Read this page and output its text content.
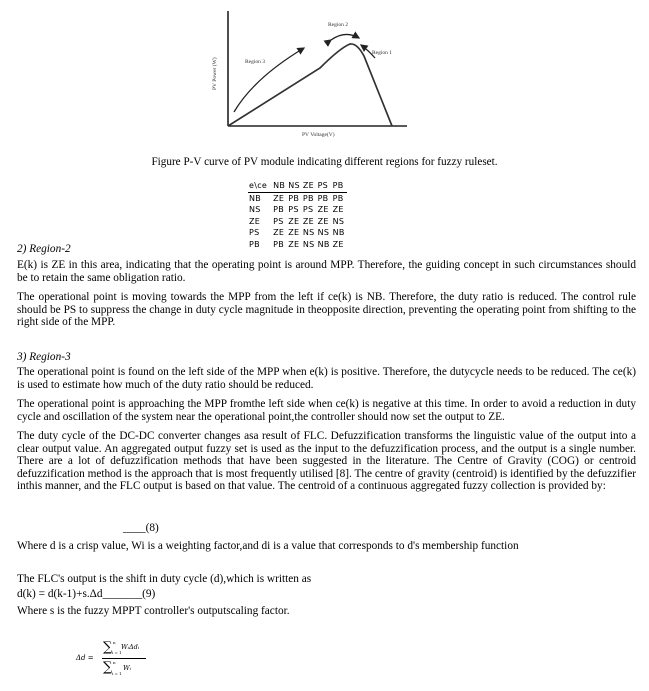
Region 2
Region 1
Region 3
PV Voltage(V)
PV Power (W)
Figure P-V curve of PV module indicating different regions for fuzzy ruleset.
e\ce	NB	NS	ZE	PS	PB
NB	ZE	PB	PB	PB	PB
NS	PB	PS	PS	ZE	ZE
ZE	PS	ZE	ZE	ZE	NS
PS	ZE	ZE	NS	NS	NB
PB	PB	ZE	NS	NB	ZE
2) Region-2
E(k) is ZE in this area, indicating that the operating point is around MPP. Therefore, the guiding concept in such circumstances should be to retain the same obligation ratio.
The operational point is moving towards the MPP from the left if ce(k) is NB. Therefore, the duty ratio is reduced. The control rule should be PS to suppress the change in duty cycle magnitude in theopposite direction, preventing the operating point from shifting to the right side of the MPP.
3) Region-3
The operational point is found on the left side of the MPP when e(k) is positive. Therefore, the dutycycle needs to be reduced. The ce(k) is used to estimate how much of the duty ratio should be reduced.
The operational point is approaching the MPP fromthe left side when ce(k) is negative at this time. In order to avoid a reduction in duty cycle and oscillation of the system near the operational point,the controller should now set the output to ZE.
The duty cycle of the DC-DC converter changes asa result of FLC. Defuzzification transforms the linguistic value of the output into a clear output value. An aggregated output fuzzy set is used as the input to the defuzzification process, and the output is a single number. There are a lot of defuzzification methods that have been suggested in the literature. The Centre of Gravity (COG) or centroid defuzzification method is the approach that is most frequently utilised [8]. The centre of gravity (centroid) is identified by the defuzzifier inthis manner, and the FLC output is based on that value. The centroid of a continuous aggregated fuzzy collection is provided by:
____(8)
Where d is a crisp value, Wi is a weighting factor,and di is a value that corresponds to d's membership function
The FLC's output is the shift in duty cycle (d),which is written as
d(k) = d(k-1)+s.Δd_______(9)
Where s is the fuzzy MPPT controller's outputscaling factor.
Δd =
∑ n
i = 1
WᵢΔdᵢ
∑ n
i = 1
Wᵢ
